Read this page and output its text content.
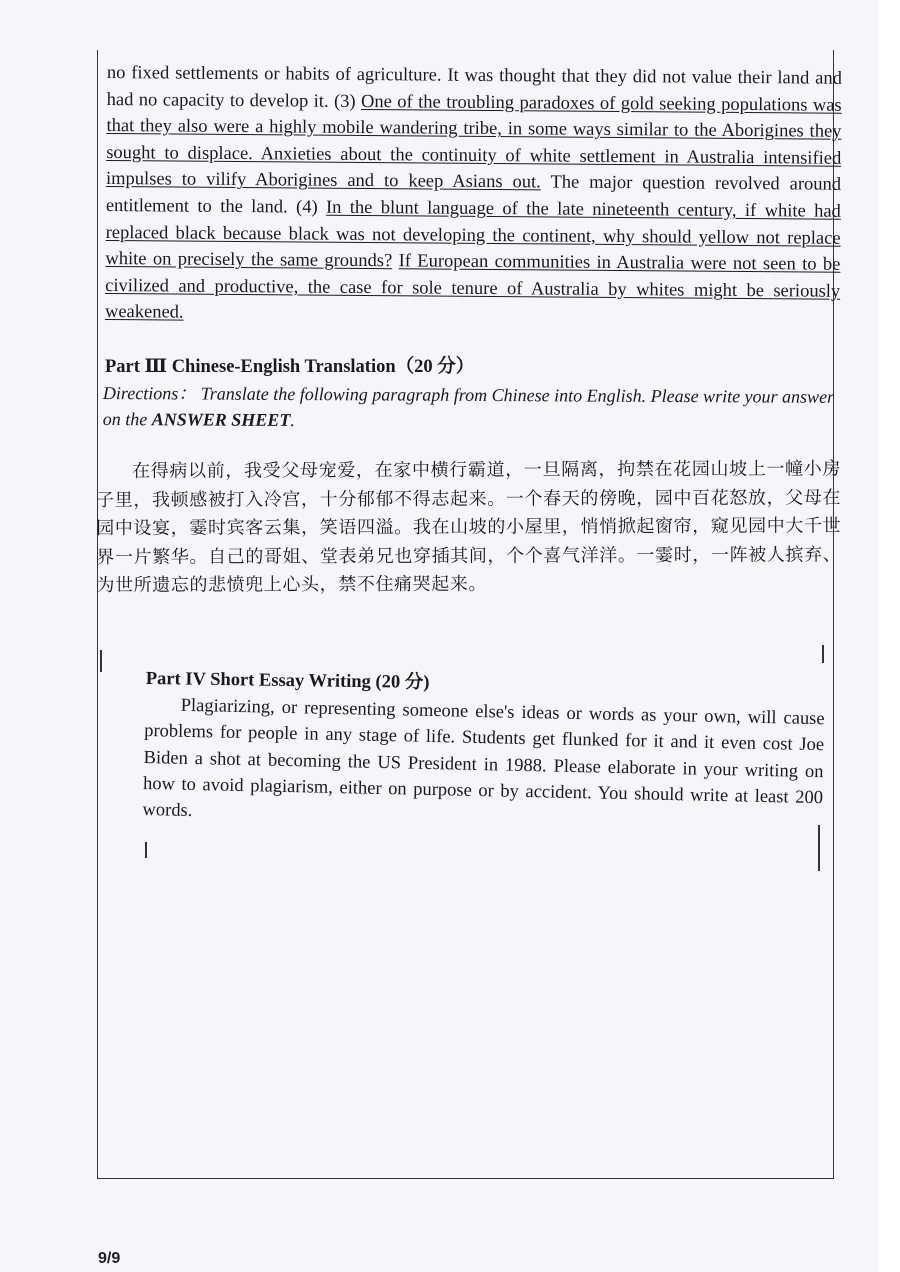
no fixed settlements or habits of agriculture. It was thought that they did not value their land and had no capacity to develop it. (3) One of the troubling paradoxes of gold seeking populations was that they also were a highly mobile wandering tribe, in some ways similar to the Aborigines they sought to displace. Anxieties about the continuity of white settlement in Australia intensified impulses to vilify Aborigines and to keep Asians out. The major question revolved around entitlement to the land. (4) In the blunt language of the late nineteenth century, if white had replaced black because black was not developing the continent, why should yellow not replace white on precisely the same grounds? If European communities in Australia were not seen to be civilized and productive, the case for sole tenure of Australia by whites might be seriously weakened.
Part Ⅲ Chinese-English Translation（20 分）
Directions： Translate the following paragraph from Chinese into English. Please write your answer on the ANSWER SHEET.
在得病以前，我受父母宠爱，在家中横行霸道，一旦隔离，拘禁在花园山坡上一幢小房子里，我顿感被打入冷宫，十分郁郁不得志起来。一个春天的傍晚，园中百花怒放，父母在园中设宴，霎时宾客云集，笑语四溢。我在山坡的小屋里，悄悄掀起窗帘，窥见园中大千世界一片繁华。自己的哥姐、堂表弟兄也穿插其间，个个喜气洋洋。一霎时，一阵被人摈弃、为世所遗忘的悲愤兜上心头，禁不住痛哭起来。
Part IV Short Essay Writing (20 分)
Plagiarizing, or representing someone else's ideas or words as your own, will cause problems for people in any stage of life. Students get flunked for it and it even cost Joe Biden a shot at becoming the US President in 1988. Please elaborate in your writing on how to avoid plagiarism, either on purpose or by accident. You should write at least 200 words.
9/9
